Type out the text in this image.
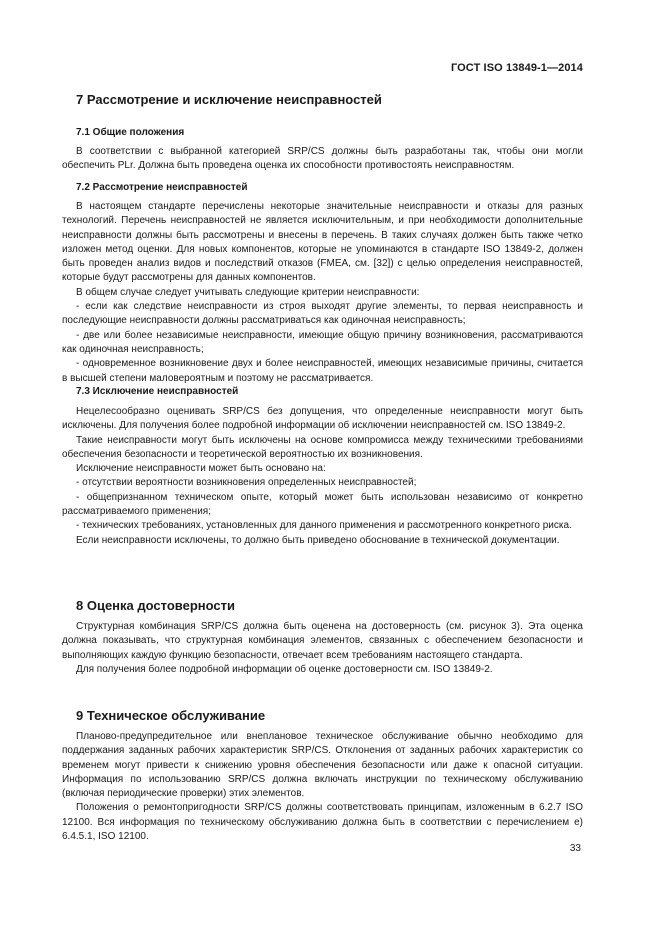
ГОСТ ISO 13849-1—2014
7 Рассмотрение и исключение неисправностей
7.1 Общие положения

В соответствии с выбранной категорией SRP/CS должны быть разработаны так, чтобы они могли обеспечить PLr. Должна быть проведена оценка их способности противостоять неисправностям.

7.2 Рассмотрение неисправностей

В настоящем стандарте перечислены некоторые значительные неисправности и отказы для разных технологий. Перечень неисправностей не является исключительным, и при необходимости дополнительные неисправности должны быть рассмотрены и внесены в перечень. В таких случаях должен быть также четко изложен метод оценки. Для новых компонентов, которые не упоминаются в стандарте ISO 13849-2, должен быть проведен анализ видов и последствий отказов (FMEA, см. [32]) с целью определения неисправностей, которые будут рассмотрены для данных компонентов.

В общем случае следует учитывать следующие критерии неисправности:

- если как следствие неисправности из строя выходят другие элементы, то первая неисправность и последующие неисправности должны рассматриваться как одиночная неисправность;

- две или более независимые неисправности, имеющие общую причину возникновения, рассматриваются как одиночная неисправность;

- одновременное возникновение двух и более неисправностей, имеющих независимые причины, считается в высшей степени маловероятным и поэтому не рассматривается.

7.3 Исключение неисправностей

Нецелесообразно оценивать SRP/CS без допущения, что определенные неисправности могут быть исключены. Для получения более подробной информации об исключении неисправностей см. ISO 13849-2.

Такие неисправности могут быть исключены на основе компромисса между техническими требованиями обеспечения безопасности и теоретической вероятностью их возникновения.

Исключение неисправности может быть основано на:

- отсутствии вероятности возникновения определенных неисправностей;

- общепризнанном техническом опыте, который может быть использован независимо от конкретно рассматриваемого применения;

- технических требованиях, установленных для данного применения и рассмотренного конкретного риска.

Если неисправности исключены, то должно быть приведено обоснование в технической документации.

8 Оценка достоверности

Структурная комбинация SRP/CS должна быть оценена на достоверность (см. рисунок 3). Эта оценка должна показывать, что структурная комбинация элементов, связанных с обеспечением безопасности и выполняющих каждую функцию безопасности, отвечает всем требованиям настоящего стандарта.

Для получения более подробной информации об оценке достоверности см. ISO 13849-2.

9 Техническое обслуживание

Планово-предупредительное или внеплановое техническое обслуживание обычно необходимо для поддержания заданных рабочих характеристик SRP/CS. Отклонения от заданных рабочих характеристик со временем могут привести к снижению уровня обеспечения безопасности или даже к опасной ситуации. Информация по использованию SRP/CS должна включать инструкции по техническому обслуживанию (включая периодические проверки) этих элементов.

Положения о ремонтопригодности SRP/CS должны соответствовать принципам, изложенным в 6.2.7 ISO 12100. Вся информация по техническому обслуживанию должна быть в соответствии с перечислением е) 6.4.5.1, ISO 12100.

33
